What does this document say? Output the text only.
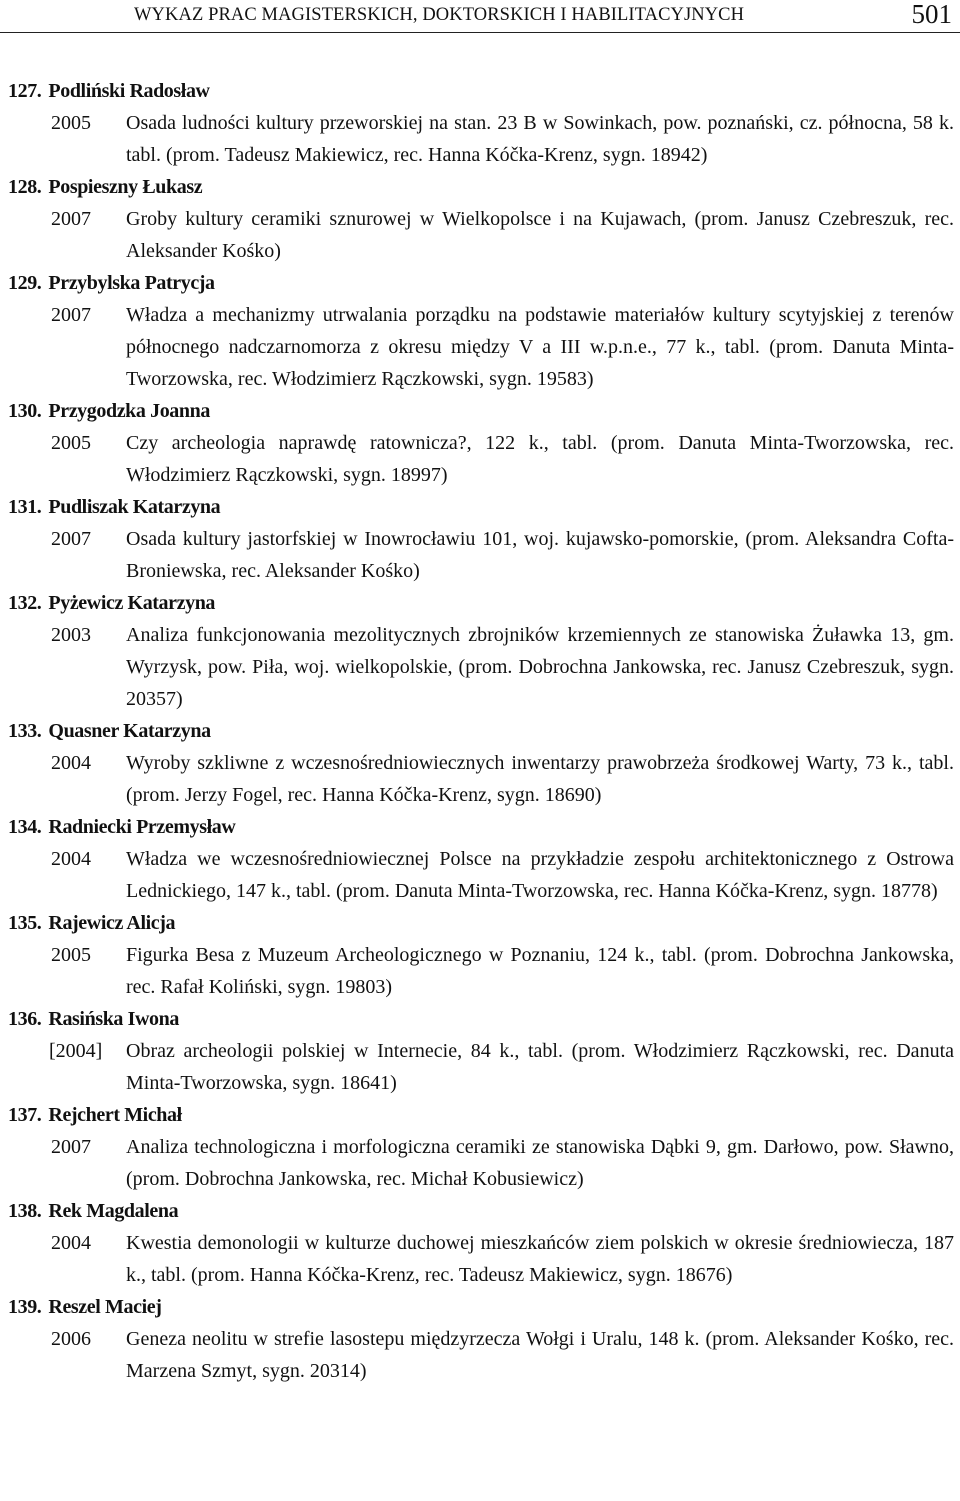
WYKAZ PRAC MAGISTERSKICH, DOKTORSKICH I HABILITACYJNYCH	501
127. Podliński Radosław
2005 Osada ludności kultury przeworskiej na stan. 23 B w Sowinkach, pow. poznański, cz. północna, 58 k. tabl. (prom. Tadeusz Makiewicz, rec. Hanna Kóčka-Krenz, sygn. 18942)
128. Pospieszny Łukasz
2007 Groby kultury ceramiki sznurowej w Wielkopolsce i na Kujawach, (prom. Janusz Czebreszuk, rec. Aleksander Kośko)
129. Przybylska Patrycja
2007 Władza a mechanizmy utrwalania porządku na podstawie materiałów kultury scytyjskiej z terenów północnego nadczarnomorza z okresu między V a III w.p.n.e., 77 k., tabl. (prom. Danuta Minta-Tworzowska, rec. Włodzimierz Rączkowski, sygn. 19583)
130. Przygodzka Joanna
2005 Czy archeologia naprawdę ratownicza?, 122 k., tabl. (prom. Danuta Minta-Tworzowska, rec. Włodzimierz Rączkowski, sygn. 18997)
131. Pudliszak Katarzyna
2007 Osada kultury jastorfskiej w Inowrocławiu 101, woj. kujawsko-pomorskie, (prom. Aleksandra Cofta-Broniewska, rec. Aleksander Kośko)
132. Pyżewicz Katarzyna
2003 Analiza funkcjonowania mezolitycznych zbrojników krzemiennych ze stanowiska Żuławka 13, gm. Wyrzysk, pow. Piła, woj. wielkopolskie, (prom. Dobrochna Jankowska, rec. Janusz Czebreszuk, sygn. 20357)
133. Quasner Katarzyna
2004 Wyroby szkliwne z wczesnośredniowiecznych inwentarzy prawobrzeża środkowej Warty, 73 k., tabl. (prom. Jerzy Fogel, rec. Hanna Kóčka-Krenz, sygn. 18690)
134. Radniecki Przemysław
2004 Władza we wczesnośredniowiecznej Polsce na przykładzie zespołu architektonicznego z Ostrowa Lednickiego, 147 k., tabl. (prom. Danuta Minta-Tworzowska, rec. Hanna Kóčka-Krenz, sygn. 18778)
135. Rajewicz Alicja
2005 Figurka Besa z Muzeum Archeologicznego w Poznaniu, 124 k., tabl. (prom. Dobrochna Jankowska, rec. Rafał Koliński, sygn. 19803)
136. Rasińska Iwona
[2004] Obraz archeologii polskiej w Internecie, 84 k., tabl. (prom. Włodzimierz Rączkowski, rec. Danuta Minta-Tworzowska, sygn. 18641)
137. Rejchert Michał
2007 Analiza technologiczna i morfologiczna ceramiki ze stanowiska Dąbki 9, gm. Darłowo, pow. Sławno, (prom. Dobrochna Jankowska, rec. Michał Kobusiewicz)
138. Rek Magdalena
2004 Kwestia demonologii w kulturze duchowej mieszkańców ziem polskich w okresie średniowiecza, 187 k., tabl. (prom. Hanna Kóčka-Krenz, rec. Tadeusz Makiewicz, sygn. 18676)
139. Reszel Maciej
2006 Geneza neolitu w strefie lasostepu międzyrzecza Wołgi i Uralu, 148 k. (prom. Aleksander Kośko, rec. Marzena Szmyt, sygn. 20314)
